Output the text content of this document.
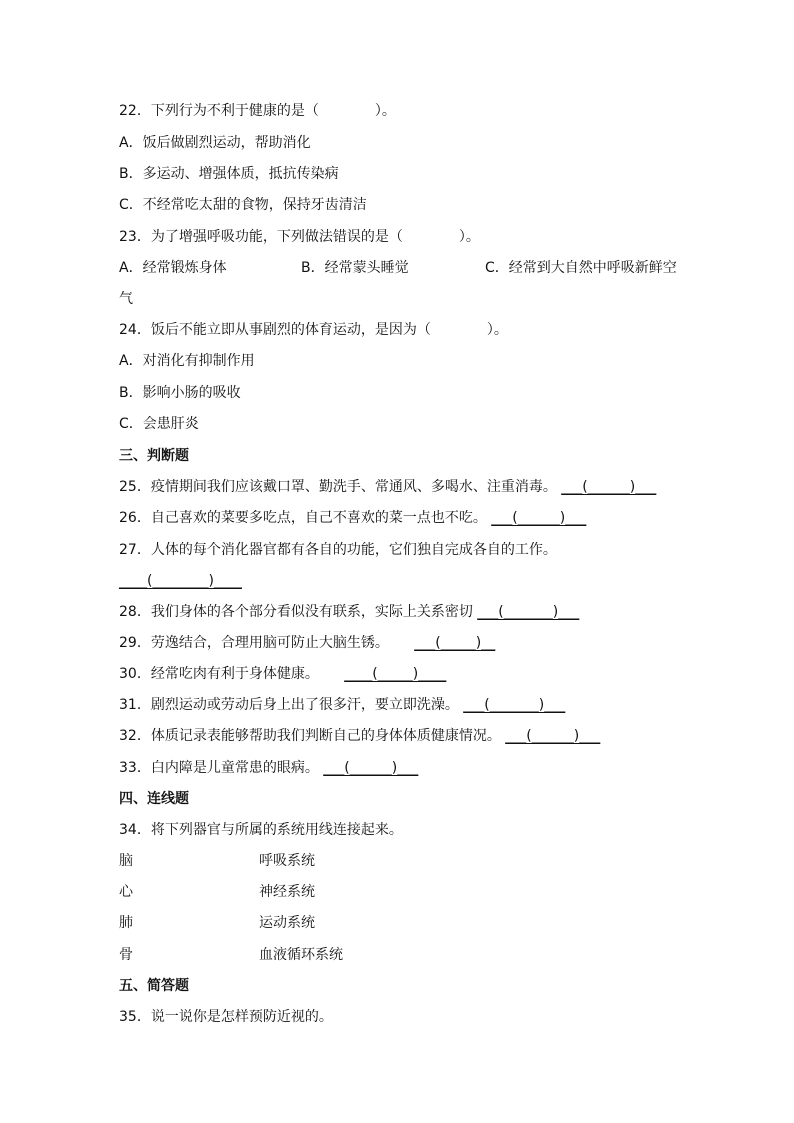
22．下列行为不利于健康的是（　　　　）。
A．饭后做剧烈运动，帮助消化
B．多运动、增强体质，抵抗传染病
C．不经常吃太甜的食物，保持牙齿清洁
23．为了增强呼吸功能，下列做法错误的是（　　　　）。
A．经常锻炼身体	B．经常蒙头睡觉	C．经常到大自然中呼吸新鲜空
气
24．饭后不能立即从事剧烈的体育运动，是因为（　　　　）。
A．对消化有抑制作用
B．影响小肠的吸收
C．会患肝炎
三、判断题
25．疫情期间我们应该戴口罩、勤洗手、常通风、多喝水、注重消毒。 ___(______)___
26．自己喜欢的菜要多吃点，自己不喜欢的菜一点也不吃。 ___(______)___
27．人体的每个消化器官都有各自的功能，它们独自完成各自的工作。
____(________)____
28．我们身体的各个部分看似没有联系，实际上关系密切 ___(_______)___
29．劳逸结合，合理用脑可防止大脑生锈。　　 ___(_____)__
30．经常吃肉有利于身体健康。　　 ____(_____)____
31．剧烈运动或劳动后身上出了很多汗，要立即洗澡。 ___(_______)___
32．体质记录表能够帮助我们判断自己的身体体质健康情况。 ___(______)___
33．白内障是儿童常患的眼病。 ___(______)___
四、连线题
34．将下列器官与所属的系统用线连接起来。
脑	呼吸系统
心	神经系统
肺	运动系统
骨	血液循环系统
五、简答题
35．说一说你是怎样预防近视的。
